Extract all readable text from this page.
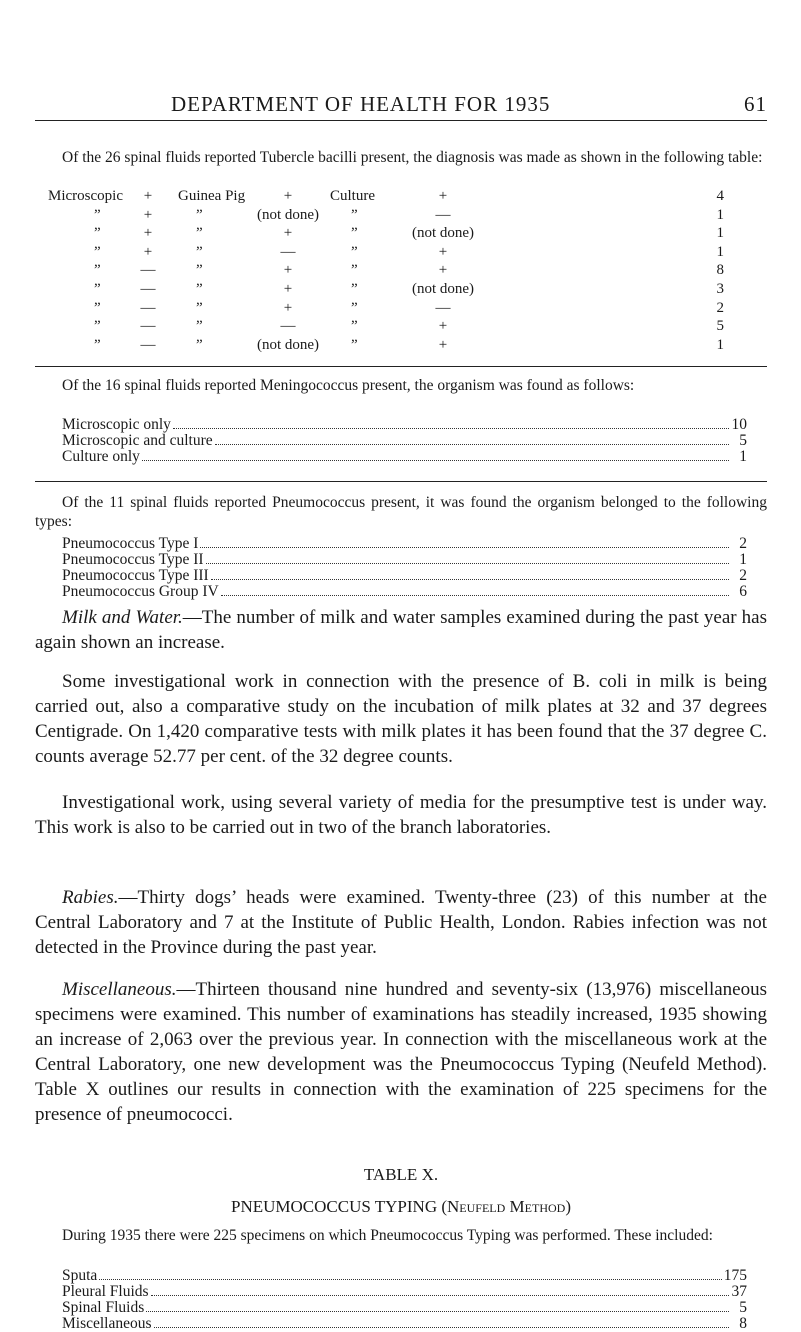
DEPARTMENT OF HEALTH FOR 1935	61
Of the 26 spinal fluids reported Tubercle bacilli present, the diagnosis was made as shown in the following table:
Microscopic	+	Guinea Pig	+	Culture	+	4
”	+	”	(not done)	”	—	1
”	+	”	+	”	(not done)	1
”	+	”	—	”	+	1
”	—	”	+	”	+	8
”	—	”	+	”	(not done)	3
”	—	”	+	”	—	2
”	—	”	—	”	+	5
”	—	”	(not done)	”	+	1
Of the 16 spinal fluids reported Meningococcus present, the organism was found as follows:
Microscopic only	10
Microscopic and culture	5
Culture only	1
Of the 11 spinal fluids reported Pneumococcus present, it was found the organism belonged to the following types:
Pneumococcus Type I	2
Pneumococcus Type II	1
Pneumococcus Type III	2
Pneumococcus Group IV	6
Milk and Water.—The number of milk and water samples examined during the past year has again shown an increase.
Some investigational work in connection with the presence of B. coli in milk is being carried out, also a comparative study on the incubation of milk plates at 32 and 37 degrees Centigrade. On 1,420 comparative tests with milk plates it has been found that the 37 degree C. counts average 52.77 per cent. of the 32 degree counts.
Investigational work, using several variety of media for the presumptive test is under way. This work is also to be carried out in two of the branch laboratories.
Rabies.—Thirty dogs’ heads were examined. Twenty-three (23) of this number at the Central Laboratory and 7 at the Institute of Public Health, London. Rabies infection was not detected in the Province during the past year.
Miscellaneous.—Thirteen thousand nine hundred and seventy-six (13,976) miscellaneous specimens were examined. This number of examinations has steadily increased, 1935 showing an increase of 2,063 over the previous year. In connection with the miscellaneous work at the Central Laboratory, one new development was the Pneumococcus Typing (Neufeld Method). Table X outlines our results in connection with the examination of 225 specimens for the presence of pneumococci.
TABLE X.
PNEUMOCOCCUS TYPING (Neufeld Method)
During 1935 there were 225 specimens on which Pneumococcus Typing was performed. These included:
Sputa	175
Pleural Fluids	37
Spinal Fluids	5
Miscellaneous	8
